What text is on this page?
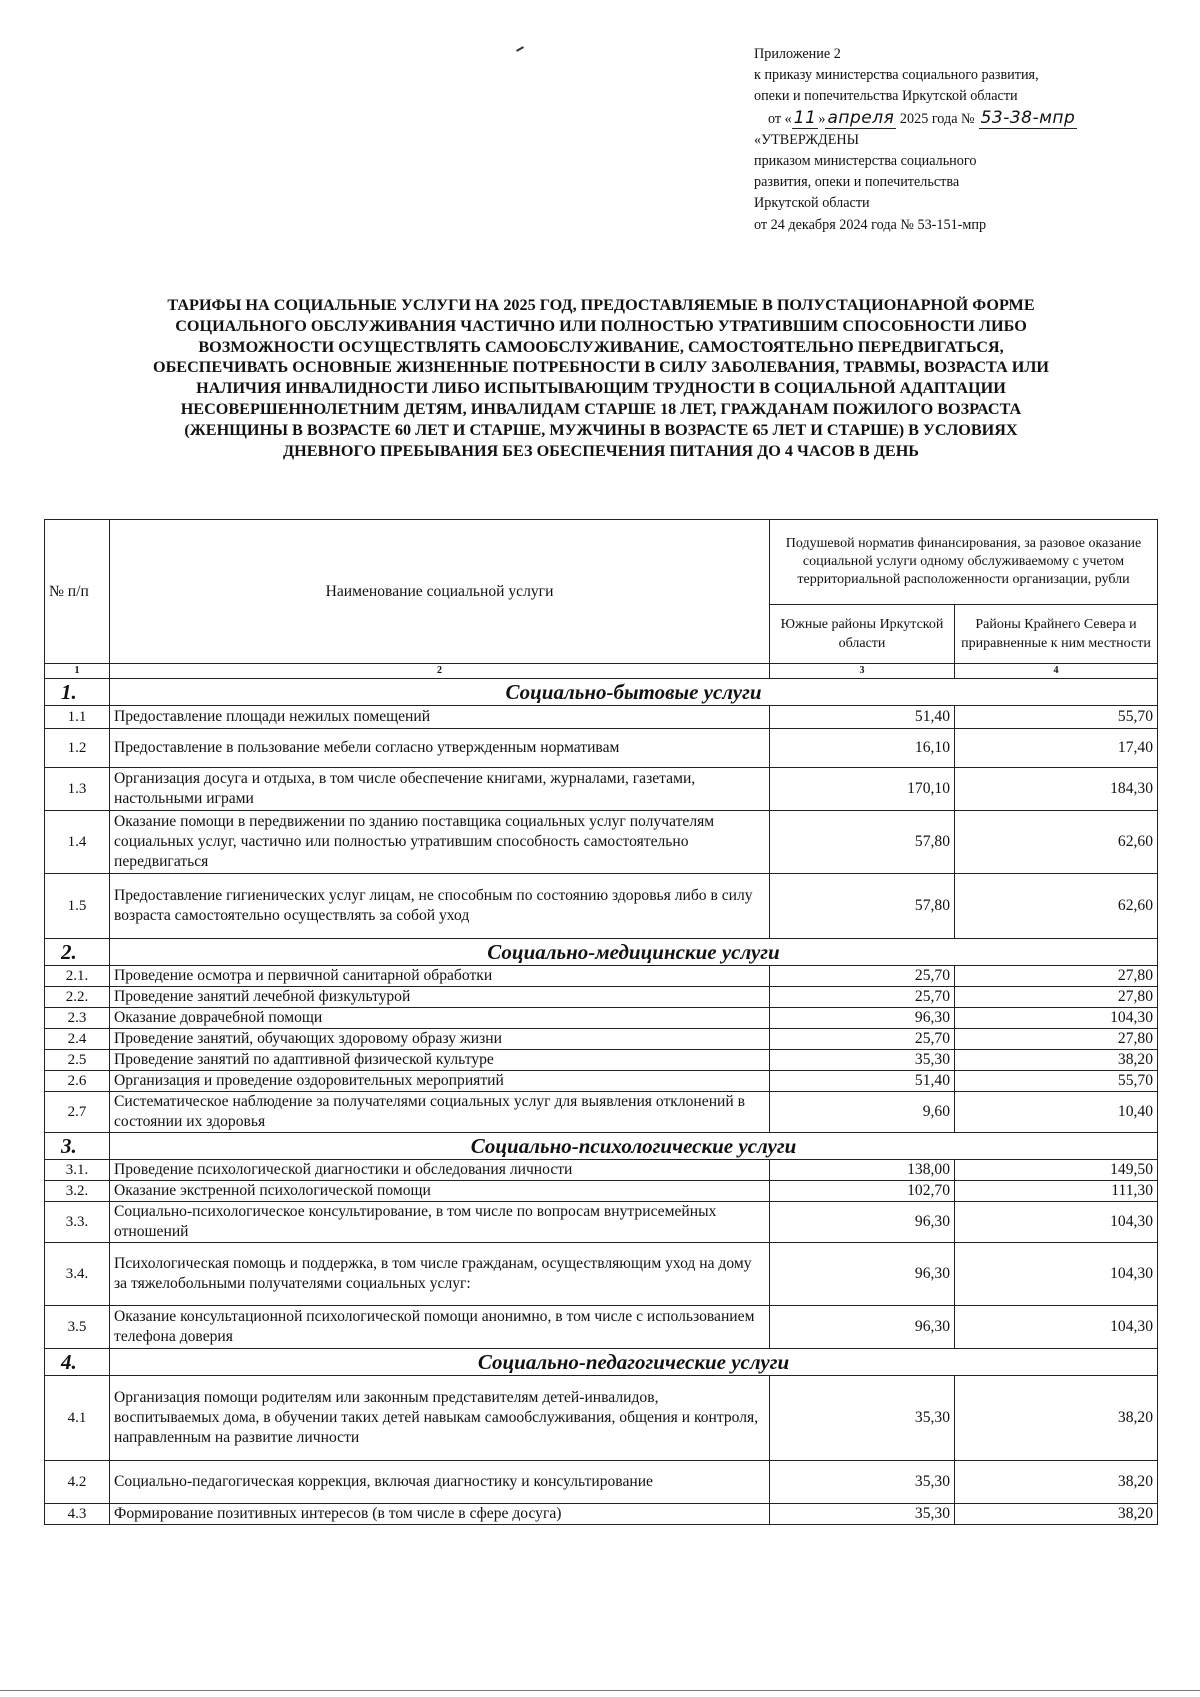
Приложение 2
к приказу министерства социального развития,
опеки и попечительства Иркутской области
от « 11 » апреля 2025 года № 53-38-мпр
«УТВЕРЖДЕНЫ
приказом министерства социального
развития, опеки и попечительства
Иркутской области
от 24 декабря 2024 года № 53-151-мпр
ТАРИФЫ НА СОЦИАЛЬНЫЕ УСЛУГИ НА 2025 ГОД, ПРЕДОСТАВЛЯЕМЫЕ В ПОЛУСТАЦИОНАРНОЙ ФОРМЕ
СОЦИАЛЬНОГО ОБСЛУЖИВАНИЯ ЧАСТИЧНО ИЛИ ПОЛНОСТЬЮ УТРАТИВШИМ СПОСОБНОСТИ ЛИБО
ВОЗМОЖНОСТИ ОСУЩЕСТВЛЯТЬ САМООБСЛУЖИВАНИЕ, САМОСТОЯТЕЛЬНО ПЕРЕДВИГАТЬСЯ,
ОБЕСПЕЧИВАТЬ ОСНОВНЫЕ ЖИЗНЕННЫЕ ПОТРЕБНОСТИ В СИЛУ ЗАБОЛЕВАНИЯ, ТРАВМЫ, ВОЗРАСТА ИЛИ
НАЛИЧИЯ ИНВАЛИДНОСТИ ЛИБО ИСПЫТЫВАЮЩИМ ТРУДНОСТИ В СОЦИАЛЬНОЙ АДАПТАЦИИ
НЕСОВЕРШЕННОЛЕТНИМ ДЕТЯМ, ИНВАЛИДАМ СТАРШЕ 18 ЛЕТ, ГРАЖДАНАМ ПОЖИЛОГО ВОЗРАСТА
(ЖЕНЩИНЫ В ВОЗРАСТЕ 60 ЛЕТ И СТАРШЕ, МУЖЧИНЫ В ВОЗРАСТЕ 65 ЛЕТ И СТАРШЕ) В УСЛОВИЯХ
ДНЕВНОГО ПРЕБЫВАНИЯ БЕЗ ОБЕСПЕЧЕНИЯ ПИТАНИЯ ДО 4 ЧАСОВ В ДЕНЬ
№ п/п	Наименование социальной услуги	Подушевой норматив финансирования, за разовое оказание социальной услуги одному обслуживаемому с учетом территориальной расположенности организации, рубли	
		Южные районы Иркутской области	Районы Крайнего Севера и приравненные к ним местности
1	2	3	4
1.	Социально-бытовые услуги		
1.1	Предоставление площади нежилых помещений	51,40	55,70
1.2	Предоставление в пользование мебели согласно утвержденным нормативам	16,10	17,40
1.3	Организация досуга и отдыха, в том числе обеспечение книгами, журналами, газетами, настольными играми	170,10	184,30
1.4	Оказание помощи в передвижении по зданию поставщика социальных услуг получателям социальных услуг, частично или полностью утратившим способность самостоятельно передвигаться	57,80	62,60
1.5	Предоставление гигиенических услуг лицам, не способным по состоянию здоровья либо в силу возраста самостоятельно осуществлять за собой уход	57,80	62,60
2.	Социально-медицинские услуги		
2.1.	Проведение осмотра и первичной санитарной обработки	25,70	27,80
2.2.	Проведение занятий лечебной физкультурой	25,70	27,80
2.3	Оказание доврачебной помощи	96,30	104,30
2.4	Проведение занятий, обучающих здоровому образу жизни	25,70	27,80
2.5	Проведение занятий по адаптивной физической культуре	35,30	38,20
2.6	Организация и проведение оздоровительных мероприятий	51,40	55,70
2.7	Систематическое наблюдение за получателями социальных услуг для выявления отклонений в состоянии их здоровья	9,60	10,40
3.	Социально-психологические услуги		
3.1.	Проведение психологической диагностики и обследования личности	138,00	149,50
3.2.	Оказание экстренной психологической помощи	102,70	111,30
3.3.	Социально-психологическое консультирование, в том числе по вопросам внутрисемейных отношений	96,30	104,30
3.4.	Психологическая помощь и поддержка, в том числе гражданам, осуществляющим уход на дому за тяжелобольными получателями социальных услуг:	96,30	104,30
3.5	Оказание консультационной психологической помощи анонимно, в том числе с использованием телефона доверия	96,30	104,30
4.	Социально-педагогические услуги		
4.1	Организация помощи родителям или законным представителям детей-инвалидов, воспитываемых дома, в обучении таких детей навыкам самообслуживания, общения и контроля, направленным на развитие личности	35,30	38,20
4.2	Социально-педагогическая коррекция, включая диагностику и консультирование	35,30	38,20
4.3	Формирование позитивных интересов (в том числе в сфере досуга)	35,30	38,20
